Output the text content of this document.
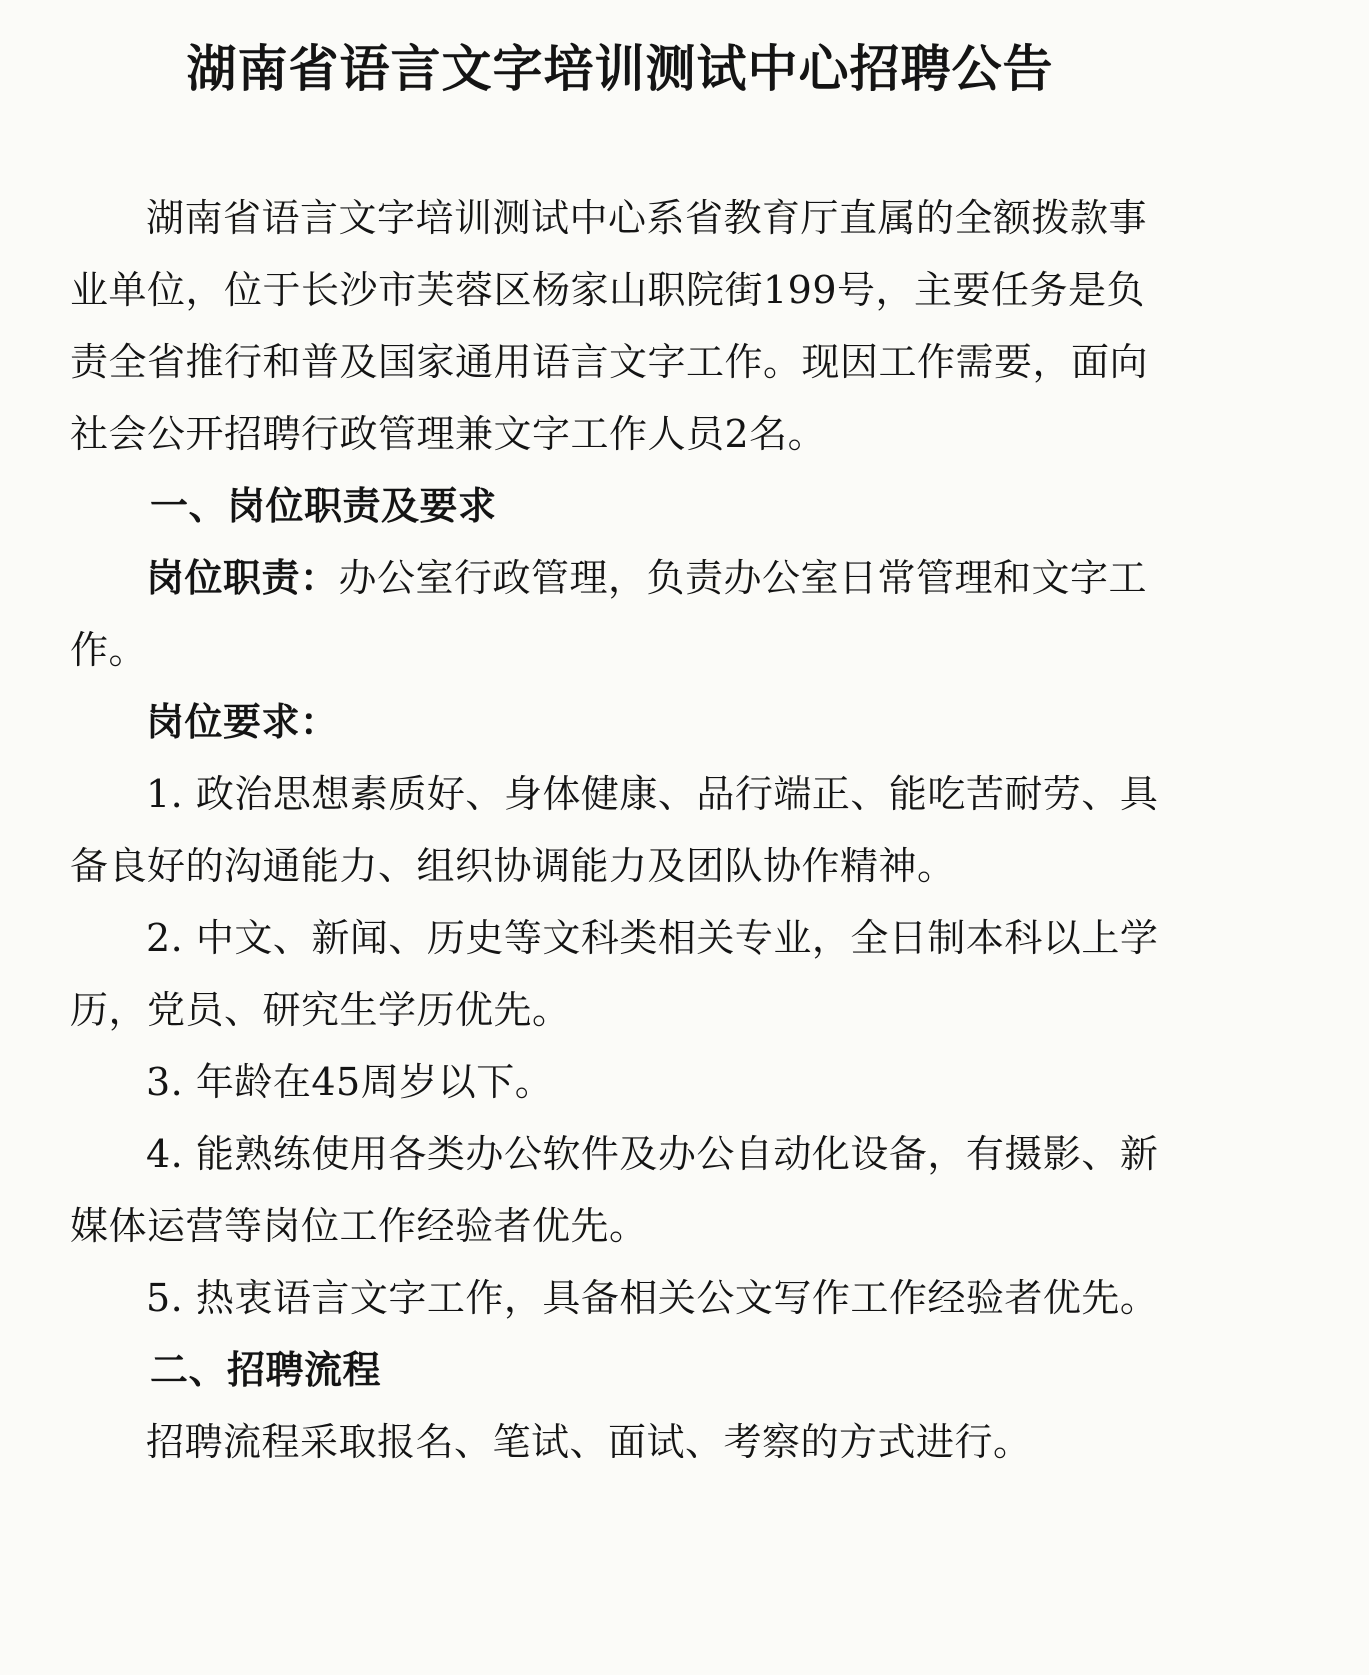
湖南省语言文字培训测试中心招聘公告

湖南省语言文字培训测试中心系省教育厅直属的全额拨款事业单位，位于长沙市芙蓉区杨家山职院街199号，主要任务是负责全省推行和普及国家通用语言文字工作。现因工作需要，面向社会公开招聘行政管理兼文字工作人员2名。

一、岗位职责及要求

岗位职责：办公室行政管理，负责办公室日常管理和文字工作。

岗位要求：

1. 政治思想素质好、身体健康、品行端正、能吃苦耐劳、具备良好的沟通能力、组织协调能力及团队协作精神。

2. 中文、新闻、历史等文科类相关专业，全日制本科以上学历，党员、研究生学历优先。

3. 年龄在45周岁以下。

4. 能熟练使用各类办公软件及办公自动化设备，有摄影、新媒体运营等岗位工作经验者优先。

5. 热衷语言文字工作，具备相关公文写作工作经验者优先。

二、招聘流程

招聘流程采取报名、笔试、面试、考察的方式进行。
